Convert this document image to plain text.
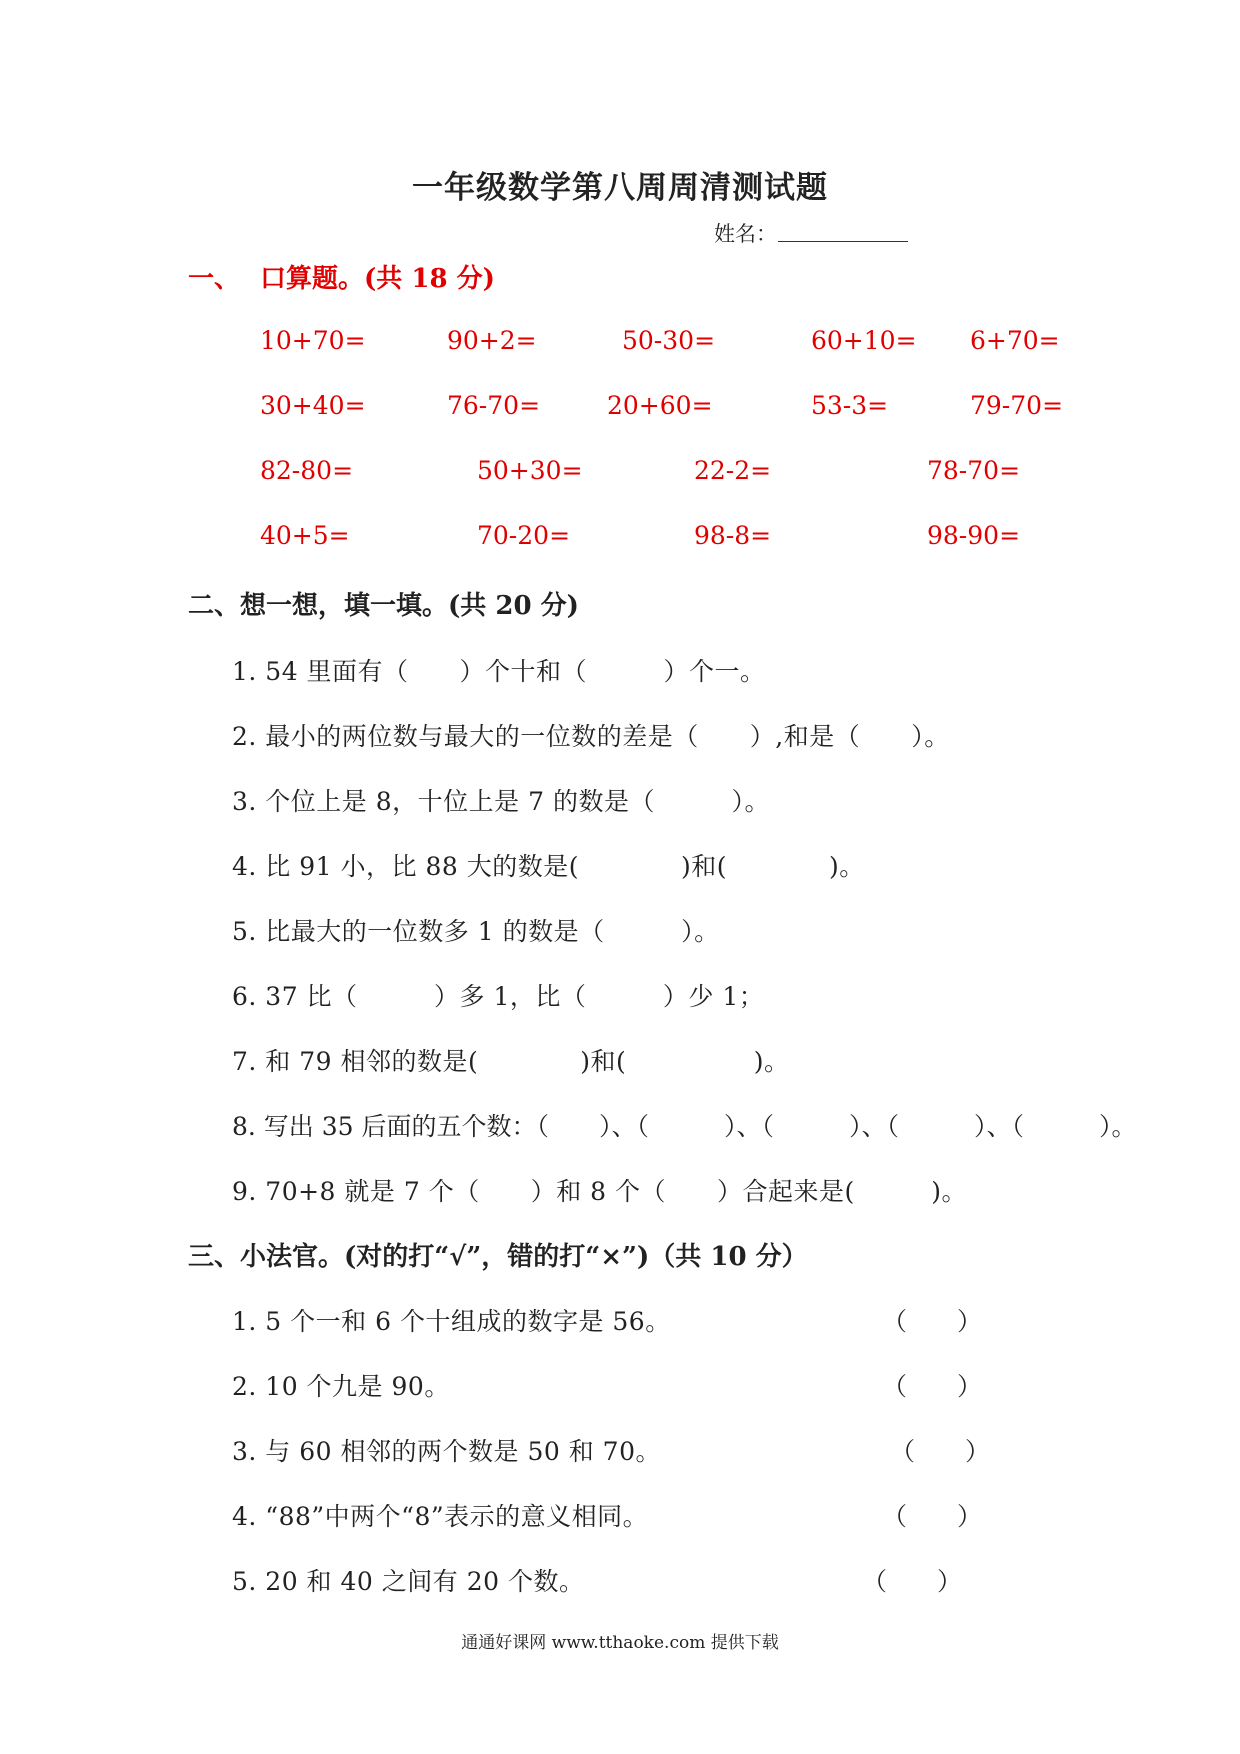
一年级数学第八周周清测试题
姓名：
一、 口算题。(共 18 分)
10+70=	90+2=	50-30=	60+10= 6+70=
30+40=	76-70=	20+60=	53-3=	79-70=
82-80=	50+30=	22-2=	78-70=
40+5=	70-20=	98-8=	98-90=
二、想一想，填一填。(共 20 分)
1. 54 里面有（　　）个十和（　　　）个一。
2. 最小的两位数与最大的一位数的差是（　　）,和是（　　）。
3. 个位上是 8，十位上是 7 的数是（　　　）。
4. 比 91 小，比 88 大的数是(　　　　)和(　　　　)。
5. 比最大的一位数多 1 的数是（　　　）。
6. 37 比（　　　）多 1，比（　　　）少 1；
7. 和 79 相邻的数是(　　　　)和(　　　　　)。
8. 写出 35 后面的五个数：（　　）、（　　　）、（　　　）、（　　　）、（　　　）。
9. 70+8 就是 7 个（　　）和 8 个（　　）合起来是(　　　)。
三、小法官。(对的打“√”，错的打“×”)（共 10 分）
1. 5 个一和 6 个十组成的数字是 56。	（　　）
2. 10 个九是 90。	（　　）
3. 与 60 相邻的两个数是 50 和 70。	（　　）
4. “88”中两个“8”表示的意义相同。	（　　）
5. 20 和 40 之间有 20 个数。	（　　）
通通好课网 www.tthaoke.com 提供下载
